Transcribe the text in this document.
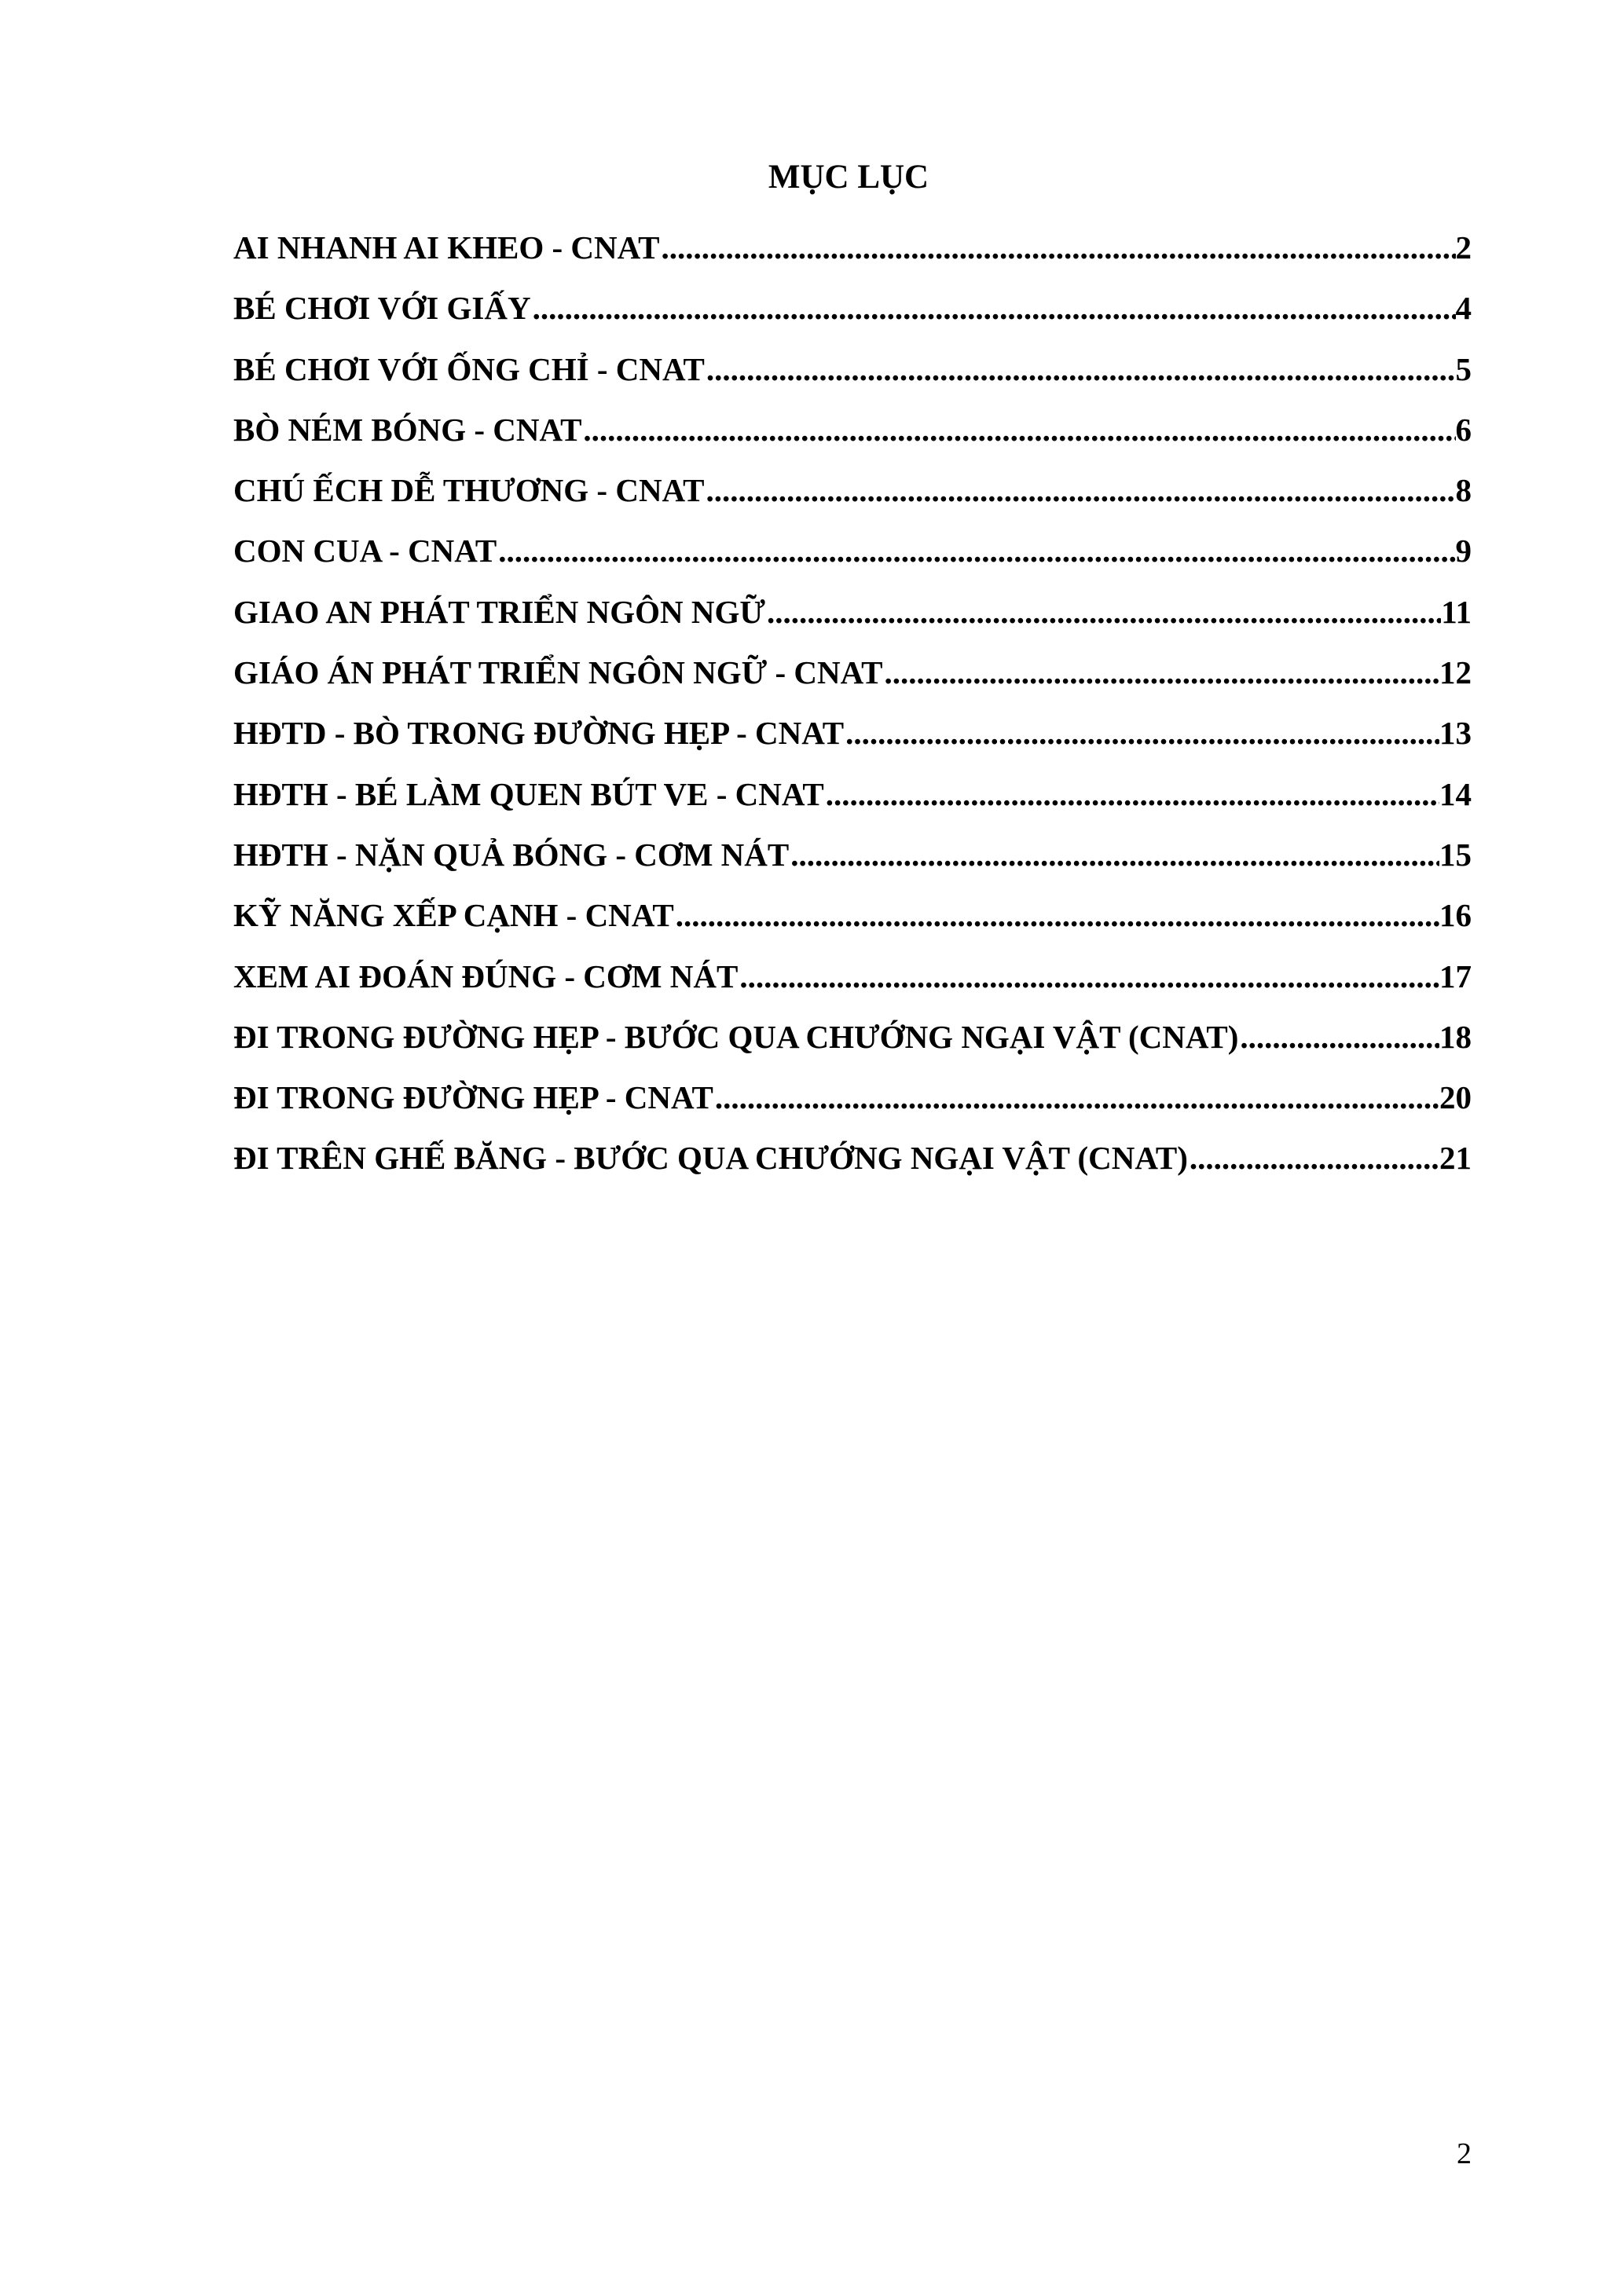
MỤC LỤC
AI NHANH AI KHEO - CNAT .....	2
BÉ CHƠI VỚI GIẤY .....	4
BÉ CHƠI VỚI ỐNG CHỈ - CNAT .....	5
BÒ NÉM BÓNG - CNAT .....	6
CHÚ ẾCH DỄ THƯƠNG - CNAT .....	8
CON CUA - CNAT .....	9
GIAO AN PHÁT TRIỂN NGÔN NGỮ .....	11
GIÁO ÁN PHÁT TRIỂN NGÔN NGỮ - CNAT .....	12
HĐTD - BÒ TRONG ĐƯỜNG HẸP - CNAT .....	13
HĐTH - BÉ LÀM QUEN BÚT VE - CNAT .....	14
HĐTH - NẶN QUẢ BÓNG - CƠM NÁT .....	15
KỸ NĂNG XẾP CẠNH - CNAT .....	16
XEM AI ĐOÁN ĐÚNG - CƠM NÁT .....	17
ĐI TRONG ĐƯỜNG HẸP - BƯỚC QUA CHƯỚNG NGẠI VẬT (CNAT) .....	18
ĐI TRONG ĐƯỜNG HẸP - CNAT .....	20
ĐI TRÊN GHẾ BĂNG - BƯỚC QUA CHƯỚNG NGẠI VẬT (CNAT) .....	21
2
